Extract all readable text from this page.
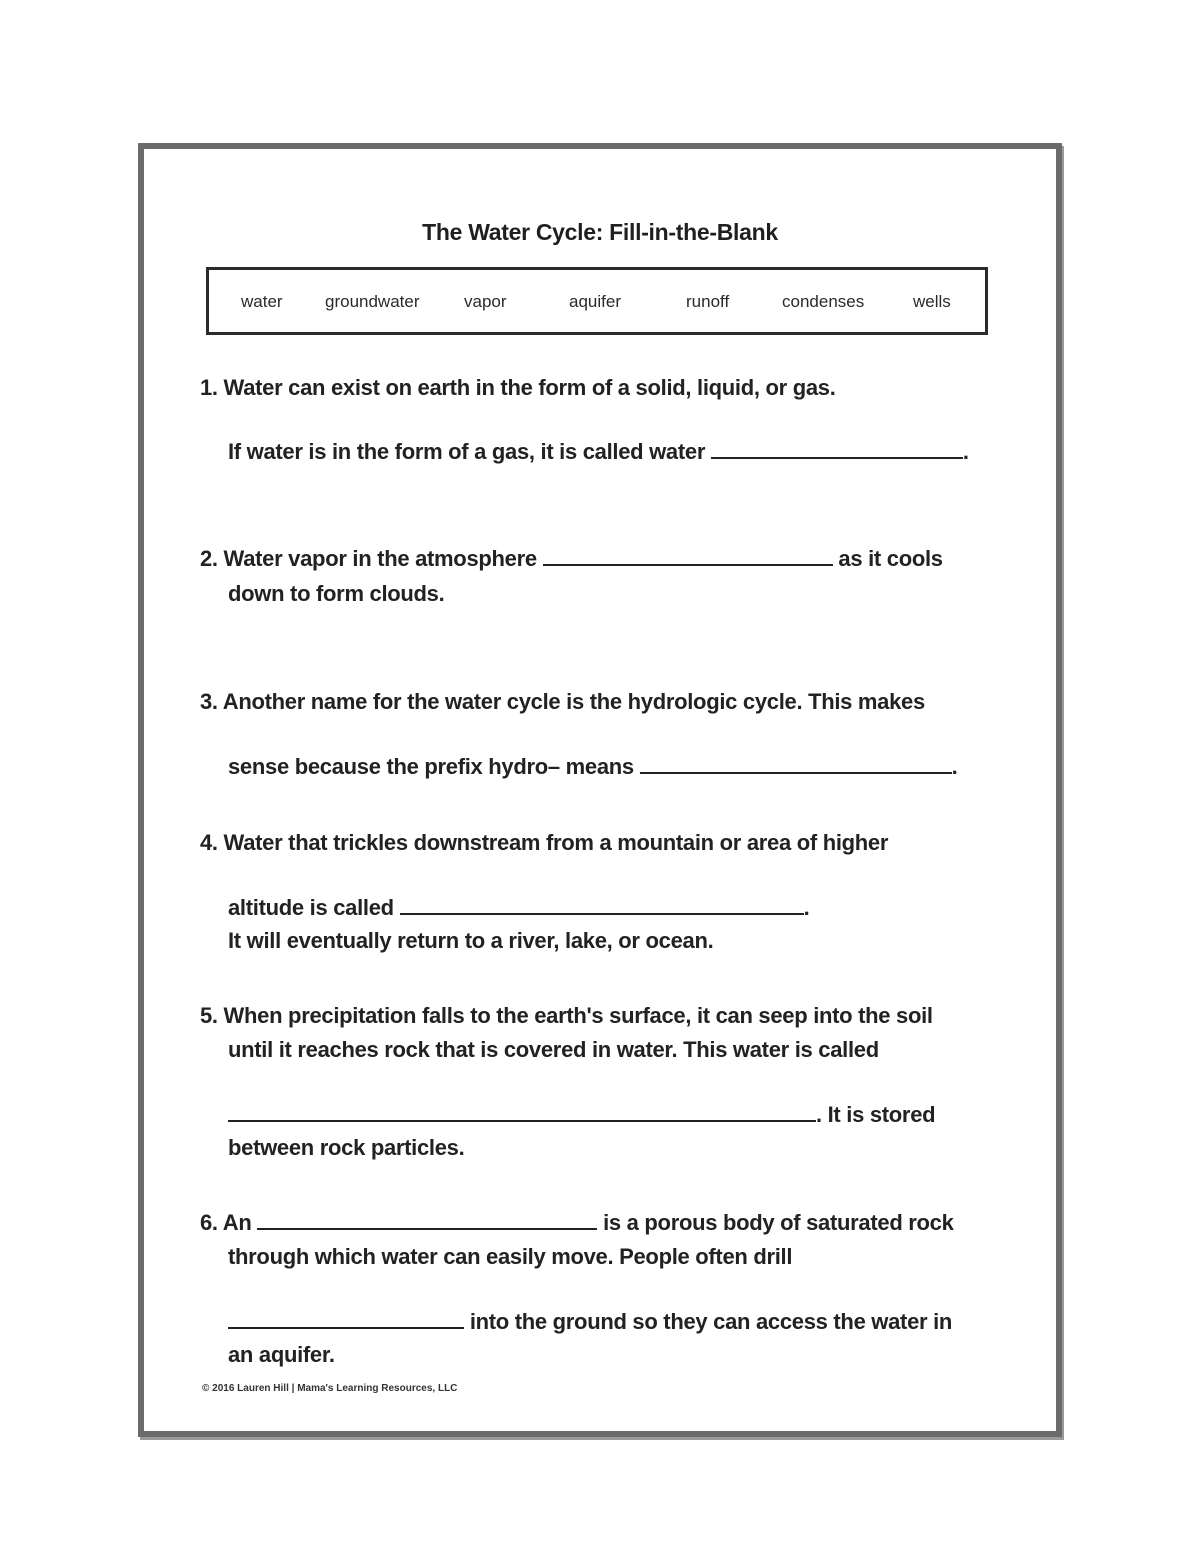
The Water Cycle: Fill-in-the-Blank
water groundwater	vapor	aquifer	runoff	condenses	wells
1. Water can exist on earth in the form of a solid, liquid, or gas.
If water is in the form of a gas, it is called water	.
2. Water vapor in the atmosphere	as it cools
down to form clouds.
3. Another name for the water cycle is the hydrologic cycle. This makes
sense because the prefix hydro– means	.
4. Water that trickles downstream from a mountain or area of higher
altitude is called	.
It will eventually return to a river, lake, or ocean.
5. When precipitation falls to the earth's surface, it can seep into the soil
until it reaches rock that is covered in water. This water is called
. It is stored
between rock particles.
6. An	is a porous body of saturated rock
through which water can easily move. People often drill
into the ground so they can access the water in
an aquifer.
© 2016 Lauren Hill | Mama's Learning Resources, LLC
